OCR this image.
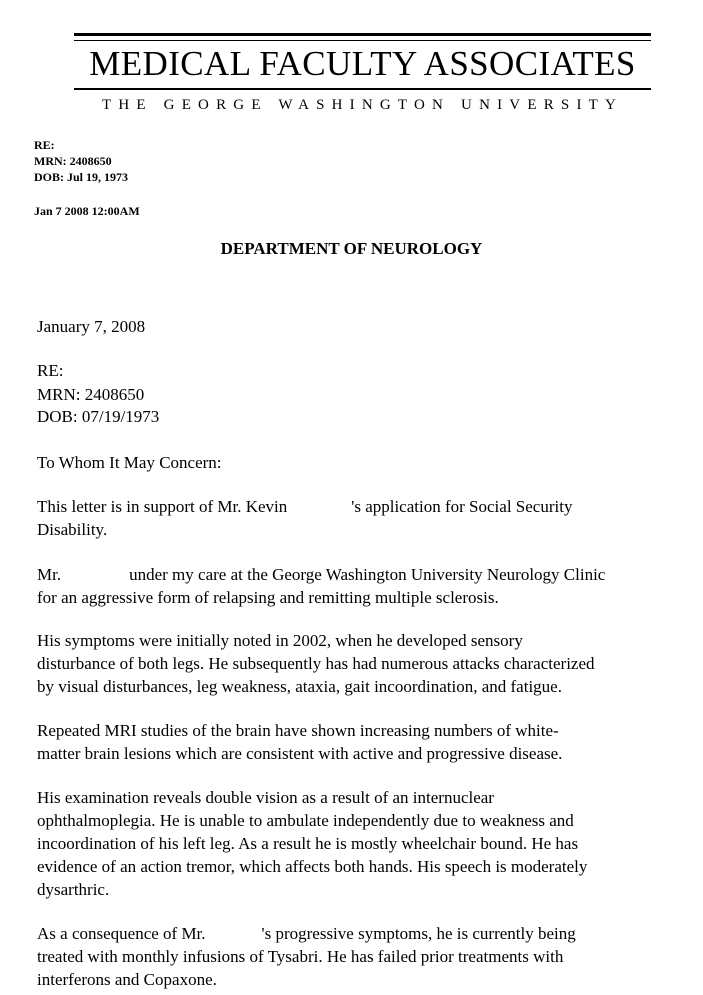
MEDICAL FACULTY ASSOCIATES
THE GEORGE WASHINGTON UNIVERSITY
RE:
MRN: 2408650
DOB: Jul 19, 1973
Jan 7 2008 12:00AM
DEPARTMENT OF NEUROLOGY
January 7, 2008
RE:
MRN: 2408650
DOB: 07/19/1973
To Whom It May Concern:
This letter is in support of Mr. Kevin	's application for Social Security
Disability.
Mr.	under my care at the George Washington University Neurology Clinic
for an aggressive form of relapsing and remitting multiple sclerosis.
His symptoms were initially noted in 2002, when he developed sensory
disturbance of both legs. He subsequently has had numerous attacks characterized
by visual disturbances, leg weakness, ataxia, gait incoordination, and fatigue.
Repeated MRI studies of the brain have shown increasing numbers of white-
matter brain lesions which are consistent with active and progressive disease.
His examination reveals double vision as a result of an internuclear
ophthalmoplegia. He is unable to ambulate independently due to weakness and
incoordination of his left leg. As a result he is mostly wheelchair bound. He has
evidence of an action tremor, which affects both hands. His speech is moderately
dysarthric.
As a consequence of Mr.	's progressive symptoms, he is currently being
treated with monthly infusions of Tysabri. He has failed prior treatments with
interferons and Copaxone.
